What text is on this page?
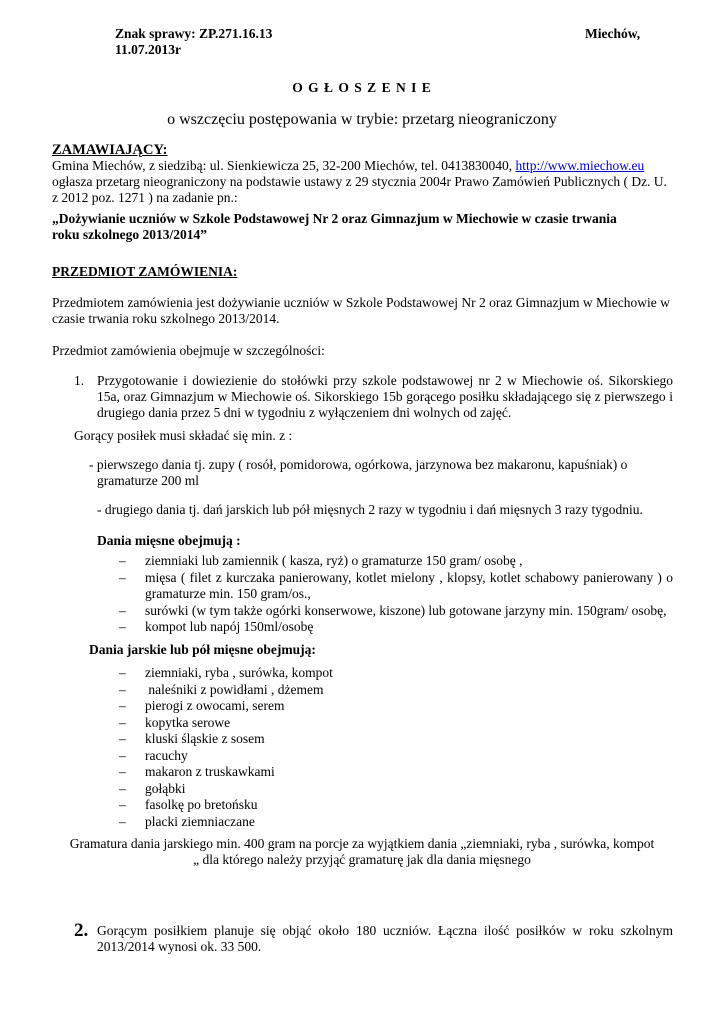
Znak sprawy: ZP.271.16.13	Miechów,

11.07.2013r

O G Ł O S Z E N I E

o wszczęciu postępowania w trybie: przetarg nieograniczony

ZAMAWIAJĄCY:

Gmina Miechów, z siedzibą: ul. Sienkiewicza 25, 32-200 Miechów, tel. 0413830040, http://www.miechow.eu

ogłasza przetarg nieograniczony na podstawie ustawy z 29 stycznia 2004r Prawo Zamówień Publicznych ( Dz. U.

z 2012 poz. 1271 ) na zadanie pn.:

„Dożywianie uczniów w Szkole Podstawowej Nr 2 oraz Gimnazjum w Miechowie w czasie trwania roku szkolnego 2013/2014”

PRZEDMIOT ZAMÓWIENIA:

Przedmiotem zamówienia jest dożywianie uczniów w Szkole Podstawowej Nr 2 oraz Gimnazjum w Miechowie w czasie trwania roku szkolnego 2013/2014.

Przedmiot zamówienia obejmuje w szczególności:

1. Przygotowanie i dowiezienie do stołówki przy szkole podstawowej nr 2 w Miechowie oś. Sikorskiego 15a, oraz Gimnazjum w Miechowie oś. Sikorskiego 15b gorącego posiłku składającego się z pierwszego i drugiego dania przez 5 dni w tygodniu z wyłączeniem dni wolnych od zajęć.

Gorący posiłek musi składać się min. z :

- pierwszego dania tj. zupy ( rosół, pomidorowa, ogórkowa, jarzynowa bez makaronu, kapuśniak) o

gramaturze 200 ml

- drugiego dania tj. dań jarskich lub pół mięsnych 2 razy w tygodniu i dań mięsnych 3 razy tygodniu.

Dania mięsne obejmują :

– ziemniaki lub zamiennik ( kasza, ryż) o gramaturze 150 gram/ osobę ,
– mięsa ( filet z kurczaka panierowany, kotlet mielony , klopsy, kotlet schabowy panierowany ) o gramaturze min. 150 gram/os.,
– surówki (w tym także ogórki konserwowe, kiszone) lub gotowane jarzyny min. 150gram/ osobę,
– kompot lub napój 150ml/osobę

Dania jarskie lub pół mięsne obejmują:

– ziemniaki, ryba , surówka, kompot
– naleśniki z powidłami , dżemem
– pierogi z owocami, serem
– kopytka serowe
– kluski śląskie z sosem
– racuchy
– makaron z truskawkami
– gołąbki
– fasolkę po bretońsku
– placki ziemniaczane

Gramatura dania jarskiego min. 400 gram na porcje za wyjątkiem dania „ziemniaki, ryba , surówka, kompot

„ dla którego należy przyjąć gramaturę jak dla dania mięsnego

2. Gorącym posiłkiem planuje się objąć około 180 uczniów. Łączna ilość posiłków w roku szkolnym 2013/2014 wynosi ok. 33 500.
